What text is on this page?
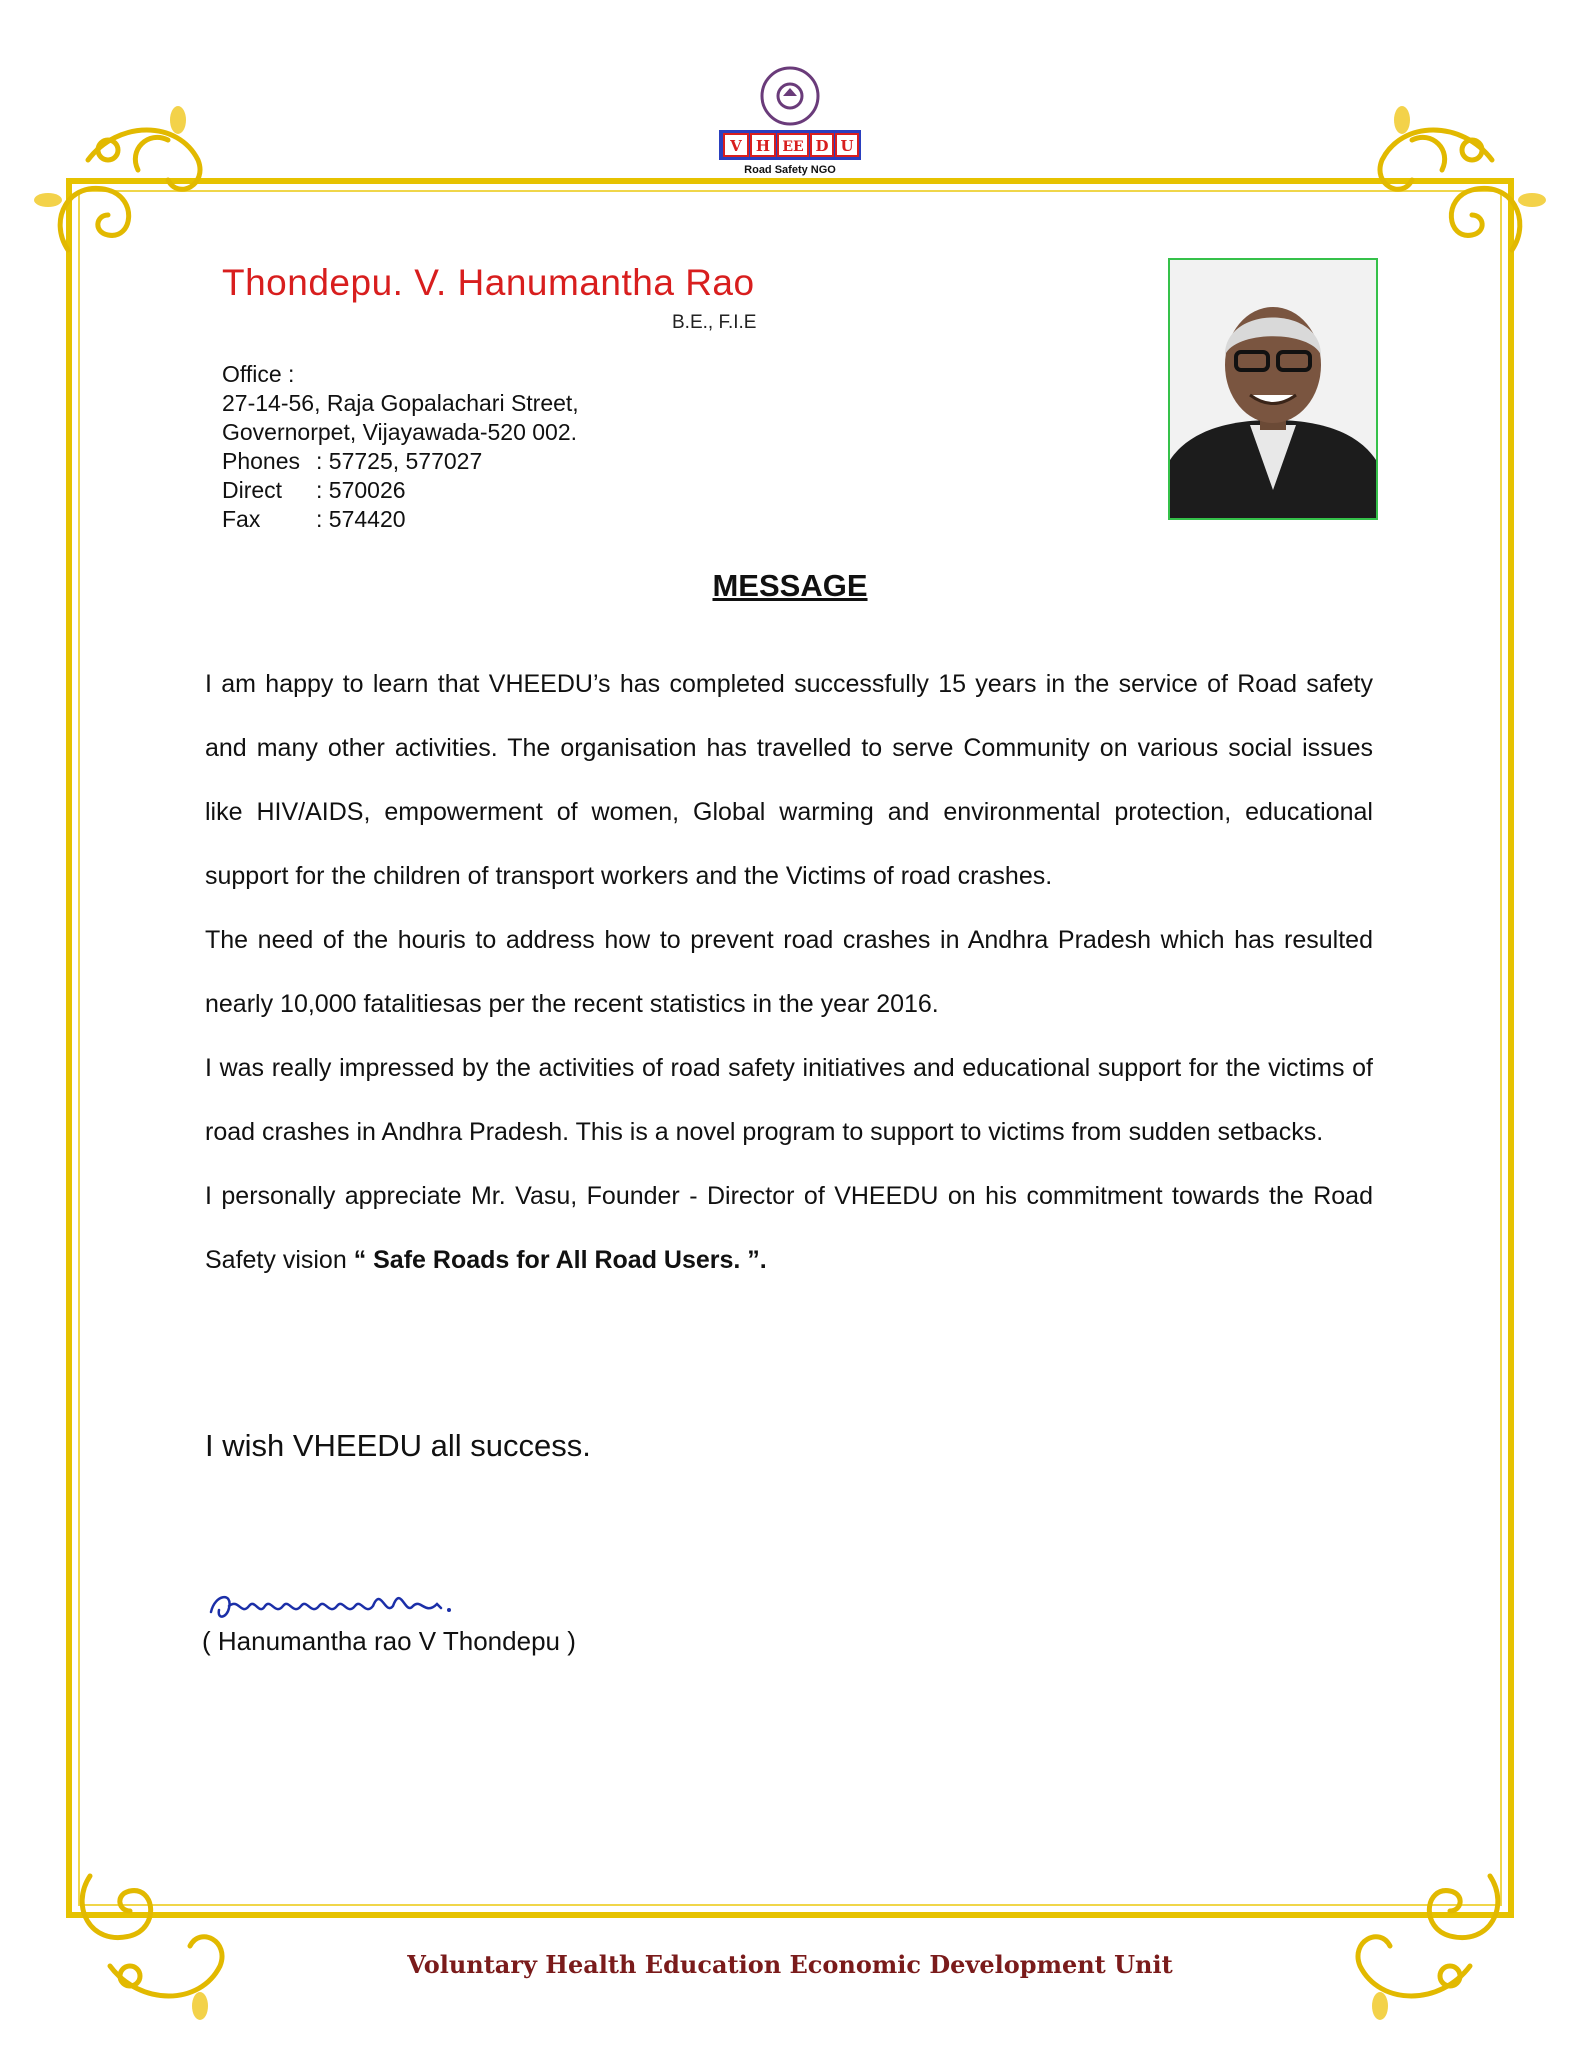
V H EE D U
Road Safety NGO
Thondepu. V. Hanumantha Rao
B.E., F.I.E
Office :
27-14-56, Raja Gopalachari Street,
Governorpet, Vijayawada-520 002.
Phones : 57725, 577027
Direct : 570026
Fax : 574420
MESSAGE

I am happy to learn that VHEEDU’s has completed successfully 15 years in the service of Road safety and many other activities. The organisation has travelled to serve Community on various social issues like HIV/AIDS, empowerment of women, Global warming and environmental protection, educational support for the children of transport workers and the Victims of road crashes.

The need of the houris to address how to prevent road crashes in Andhra Pradesh which has resulted nearly 10,000 fatalitiesas per the recent statistics in the year 2016.

I was really impressed by the activities of road safety initiatives and educational support for the victims of road crashes in Andhra Pradesh. This is a novel program to support to victims from sudden setbacks.

I personally appreciate Mr. Vasu, Founder - Director of VHEEDU on his commitment towards the Road Safety vision “ Safe Roads for All Road Users. ”.

I wish VHEEDU all success.
( Hanumantha rao V Thondepu )
Voluntary Health Education Economic Development Unit
